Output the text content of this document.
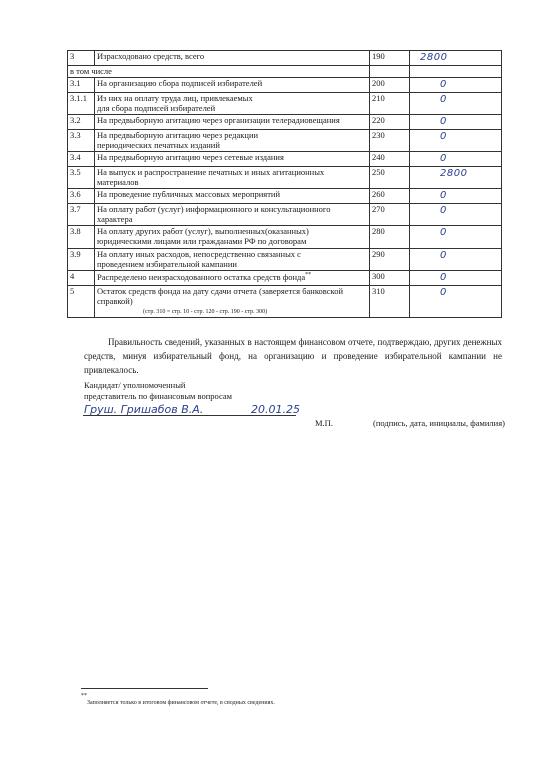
3	Израсходовано средств, всего	190	2800

в том числе			
3.1	На организацию сбора подписей избирателей	200	0

3.1.1	Из них на оплату труда лиц, привлекаемых
для сбора подписей избирателей	210	0

3.2	На предвыборную агитацию через организации телерадиовещания	220	0

3.3	На предвыборную агитацию через редакции
периодических печатных изданий	230	0

3.4	На предвыборную агитацию через сетевые издания	240	0

3.5	На выпуск и распространение печатных и иных агитационных
материалов	250	2800

3.6	На проведение публичных массовых мероприятий	260	0

3.7	На оплату работ (услуг) информационного и консультационного
характера	270	0

3.8	На оплату других работ (услуг), выполненных(оказанных)
юридическими лицами или гражданами РФ по договорам	280	0

3.9	На оплату иных расходов, непосредственно связанных с
проведением избирательной кампании	290	0

4	Распределено неизрасходованного остатка средств фонда**	300	0

5	Остаток средств фонда на дату сдачи отчета (заверяется банковской
справкой)
(стр. 310 = стр. 10 - стр. 120 - стр. 190 - стр. 300)	310	0
Правильность сведений, указанных в настоящем финансовом отчете, подтверждаю, других денежных средств, минуя избирательный фонд, на организацию и проведение избирательной кампании не привлекалось.
Кандидат/ уполномоченный
представитель по финансовым вопросам
Груш. Гришабов В.А.	20.01.25
М.П.	(подпись, дата, инициалы, фамилия)
**
Заполняется только в итоговом финансовом отчете, в сводных сведениях.
